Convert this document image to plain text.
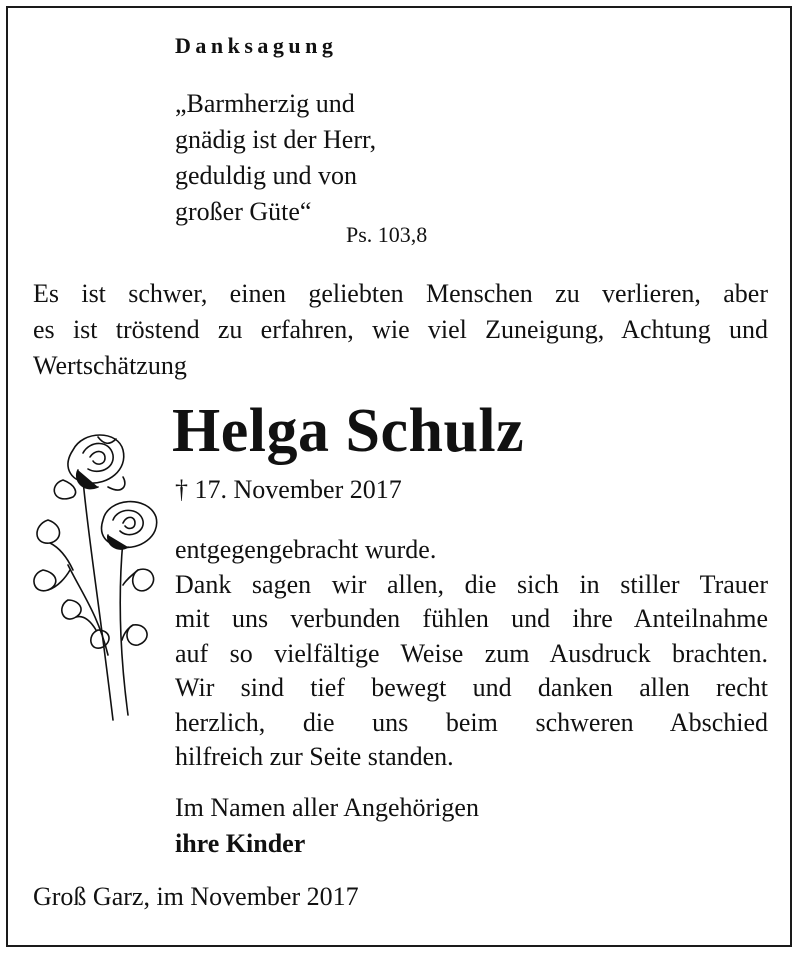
Danksagung
„Barmherzig und
gnädig ist der Herr,
geduldig und von
großer Güte“
Ps. 103,8
Es ist schwer, einen geliebten Menschen zu verlieren, aber
es ist tröstend zu erfahren, wie viel Zuneigung, Achtung und
Wertschätzung
Helga Schulz
† 17. November 2017
entgegengebracht wurde.
Dank sagen wir allen, die sich in stiller Trauer
mit uns verbunden fühlen und ihre Anteilnahme
auf so vielfältige Weise zum Ausdruck brachten.
Wir sind tief bewegt und danken allen recht
herzlich, die uns beim schweren Abschied
hilfreich zur Seite standen.
Im Namen aller Angehörigen
ihre Kinder
Groß Garz, im November 2017
